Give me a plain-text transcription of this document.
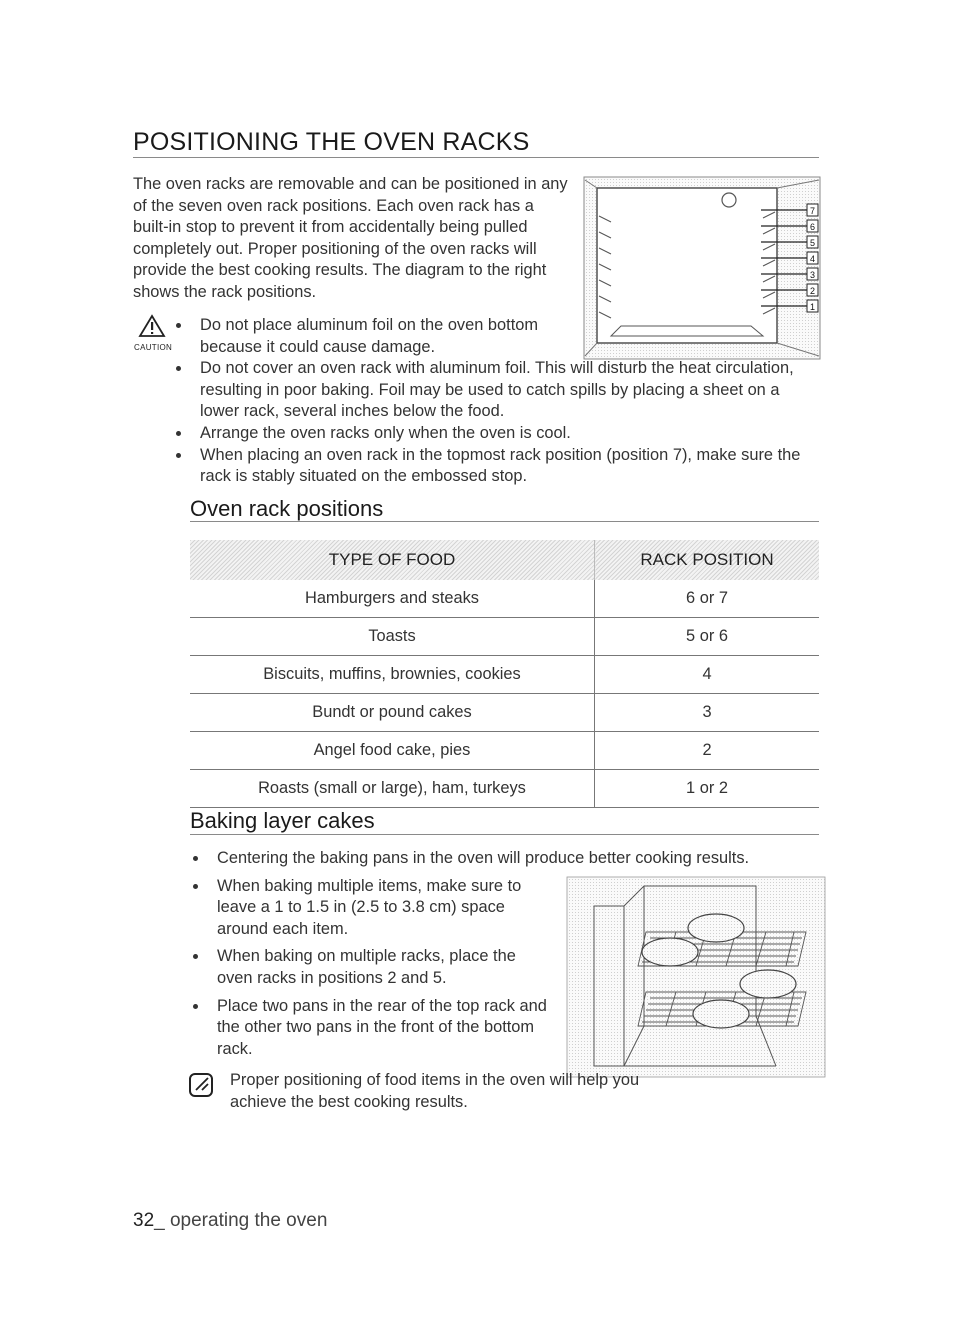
POSITIONING THE OVEN RACKS
The oven racks are removable and can be positioned in any of the seven oven rack positions. Each oven rack has a built-in stop to prevent it from accidentally being pulled completely out. Proper positioning of the oven racks will provide the best cooking results. The diagram to the right shows the rack positions.
7
6
5
4
3
2
1
CAUTION
Do not place aluminum foil on the oven bottom because it could cause damage.
Do not cover an oven rack with aluminum foil. This will disturb the heat circulation, resulting in poor baking. Foil may be used to catch spills by placing a sheet on a lower rack, several inches below the food.
Arrange the oven racks only when the oven is cool.
When placing an oven rack in the topmost rack position (position 7), make sure the rack is stably situated on the embossed stop.
Oven rack positions
TYPE OF FOOD	RACK POSITION
Hamburgers and steaks	6 or 7
Toasts	5 or 6
Biscuits, muffins, brownies, cookies	4
Bundt or pound cakes	3
Angel food cake, pies	2
Roasts (small or large), ham, turkeys	1 or 2
Baking layer cakes
Centering the baking pans in the oven will produce better cooking results.
When baking multiple items, make sure to leave a 1 to 1.5 in (2.5 to 3.8 cm) space around each item.
When baking on multiple racks, place the oven racks in positions 2 and 5.
Place two pans in the rear of the top rack and the other two pans in the front of the bottom rack.
Proper positioning of food items in the oven will help you achieve the best cooking results.
32_ operating the oven
